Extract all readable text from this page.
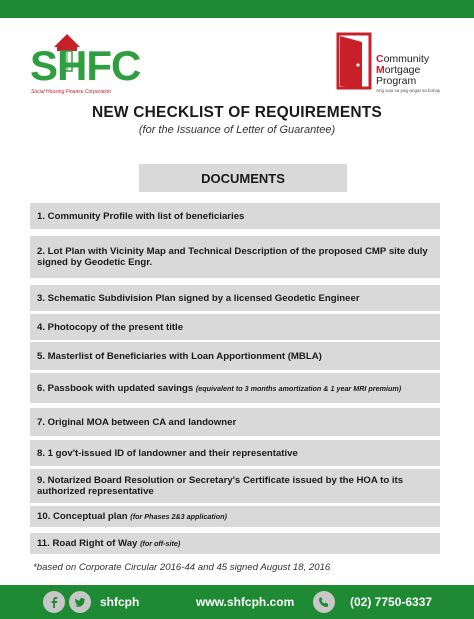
SHFC
Social Housing Finance Corporation
Community
Mortgage
Program
Ang susi sa pag-angat sa buhay
NEW CHECKLIST OF REQUIREMENTS
(for the Issuance of Letter of Guarantee)
DOCUMENTS
1. Community Profile with list of beneficiaries
2. Lot Plan with Vicinity Map and Technical Description of the proposed CMP site duly signed by Geodetic Engr.
3. Schematic Subdivision Plan signed by a licensed Geodetic Engineer
4. Photocopy of the present title
5. Masterlist of Beneficiaries with Loan Apportionment (MBLA)
6. Passbook with updated savings (equivalent to 3 months amortization & 1 year MRI premium)
7. Original MOA between CA and landowner
8. 1 gov't-issued ID of landowner and their representative
9. Notarized Board Resolution or Secretary's Certificate issued by the HOA to its authorized representative
10. Conceptual plan (for Phases 2&3 application)
11. Road Right of Way (for off-site)
*based on Corporate Circular 2016-44 and 45 signed August 18, 2016
shfcph	www.shfcph.com	(02) 7750-6337
